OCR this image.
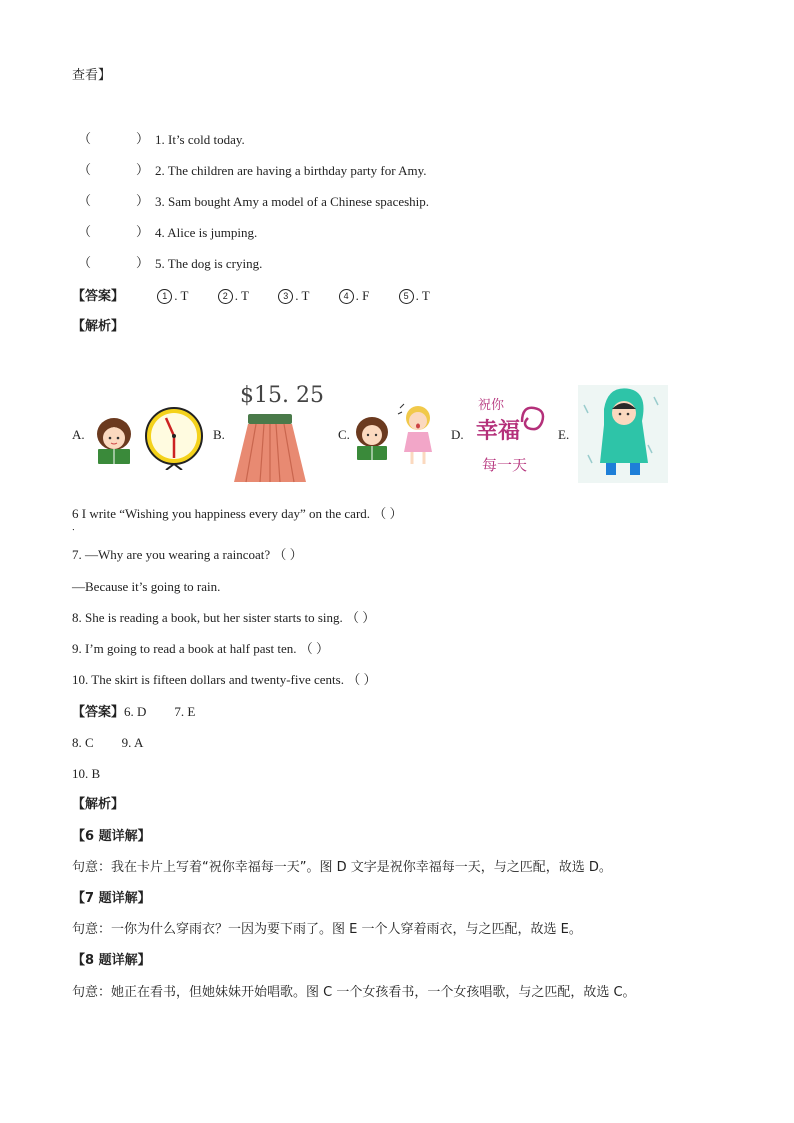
查看】
（	） 1. It’s cold today.
（	） 2. The children are having a birthday party for Amy.
（	） 3. Sam bought Amy a model of a Chinese spaceship.
（	） 4. Alice is jumping.
（	） 5. The dog is crying.
【答案】	1 . T	2 . T	3 . T	4 . F	5 . T
【解析】
A.	B.
$15. 25
C.	D.
祝你
幸福
每一天
E.
6 I write “Wishing you happiness every day” on the card. （ ）
．
7. —Why are you wearing a raincoat? （ ）
—Because it’s going to rain.
8. She is reading a book, but her sister starts to sing. （ ）
9. I’m going to read a book at half past ten. （ ）
10. The skirt is fifteen dollars and twenty-five cents. （ ）
【答案】6. D 7. E
8. C 9. A
10. B
【解析】
【6 题详解】
句意：我在卡片上写着“祝你幸福每一天”。图 D 文字是祝你幸福每一天，与之匹配，故选 D。
【7 题详解】
句意：一你为什么穿雨衣？一因为要下雨了。图 E 一个人穿着雨衣，与之匹配，故选 E。
【8 题详解】
句意：她正在看书，但她妹妹开始唱歌。图 C 一个女孩看书，一个女孩唱歌，与之匹配，故选 C。
